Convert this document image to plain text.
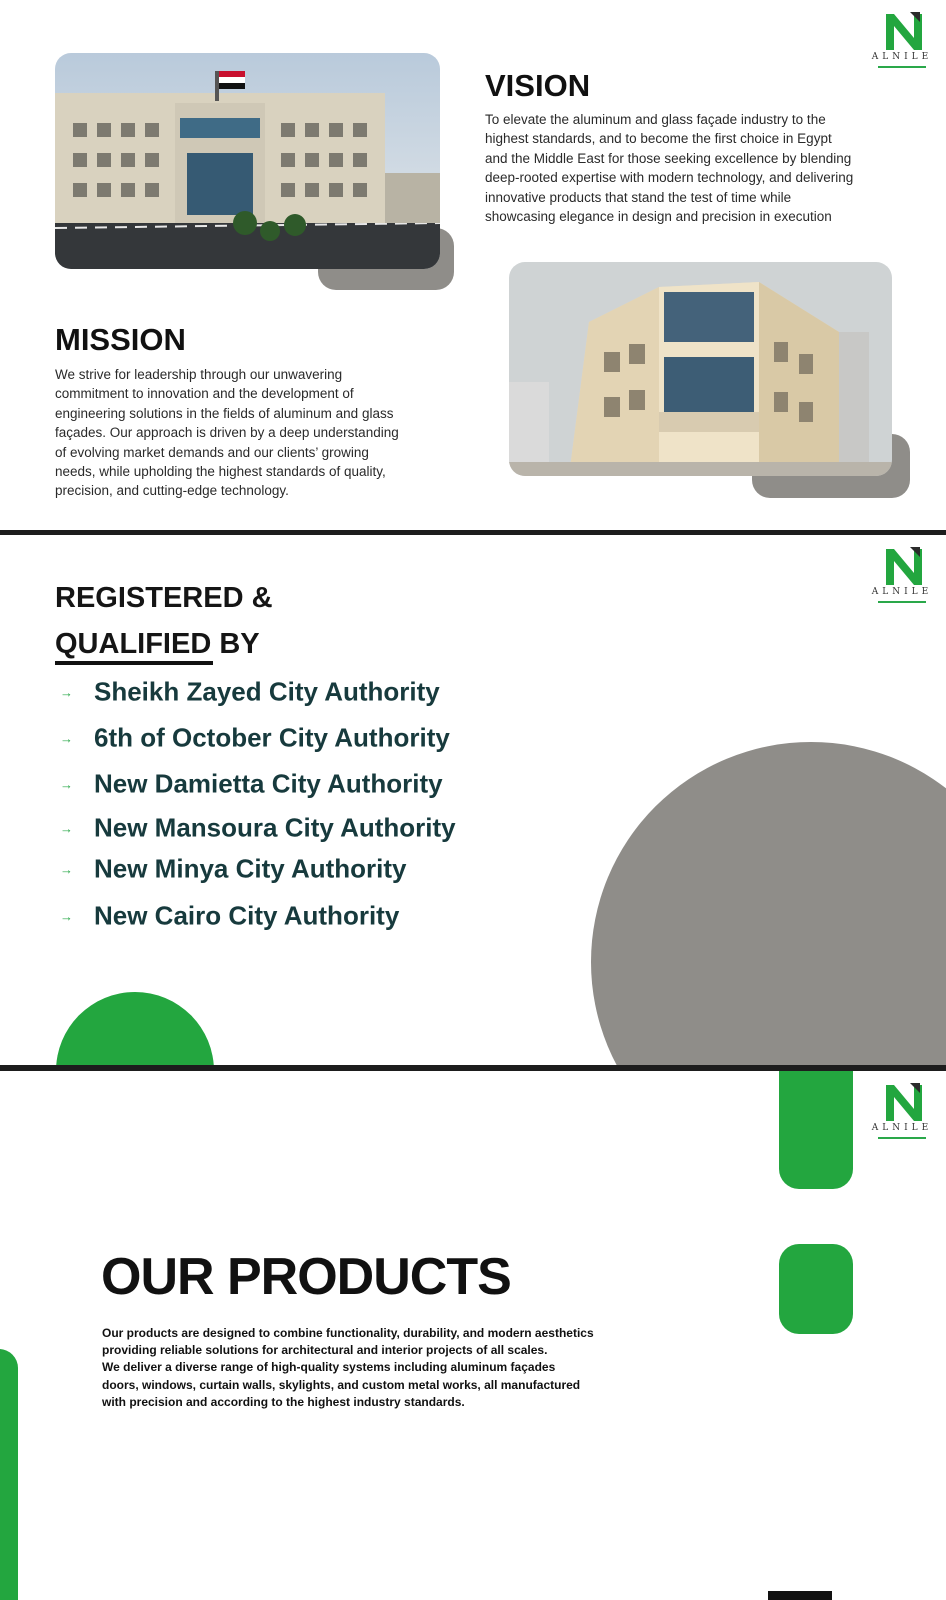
ALNILE
VISION

To elevate the aluminum and glass façade industry to the
highest standards, and to become the first choice in Egypt
and the Middle East for those seeking excellence by blending
deep-rooted expertise with modern technology, and delivering
innovative products that stand the test of time while
showcasing elegance in design and precision in execution

MISSION

We strive for leadership through our unwavering
commitment to innovation and the development of
engineering solutions in the fields of aluminum and glass
façades. Our approach is driven by a deep understanding
of evolving market demands and our clients’ growing
needs, while upholding the highest standards of quality,
precision, and cutting-edge technology.

ALNILE
REGISTERED &
QUALIFIED BY
→ Sheikh Zayed City Authority
→ 6th of October City Authority
→ New Damietta City Authority
→ New Mansoura City Authority
→ New Minya City Authority
→ New Cairo City Authority
ALNILE
OUR PRODUCTS

Our products are designed to combine functionality, durability, and modern aesthetics
providing reliable solutions for architectural and interior projects of all scales.
We deliver a diverse range of high-quality systems including aluminum façades
doors, windows, curtain walls, skylights, and custom metal works, all manufactured
with precision and according to the highest industry standards.
